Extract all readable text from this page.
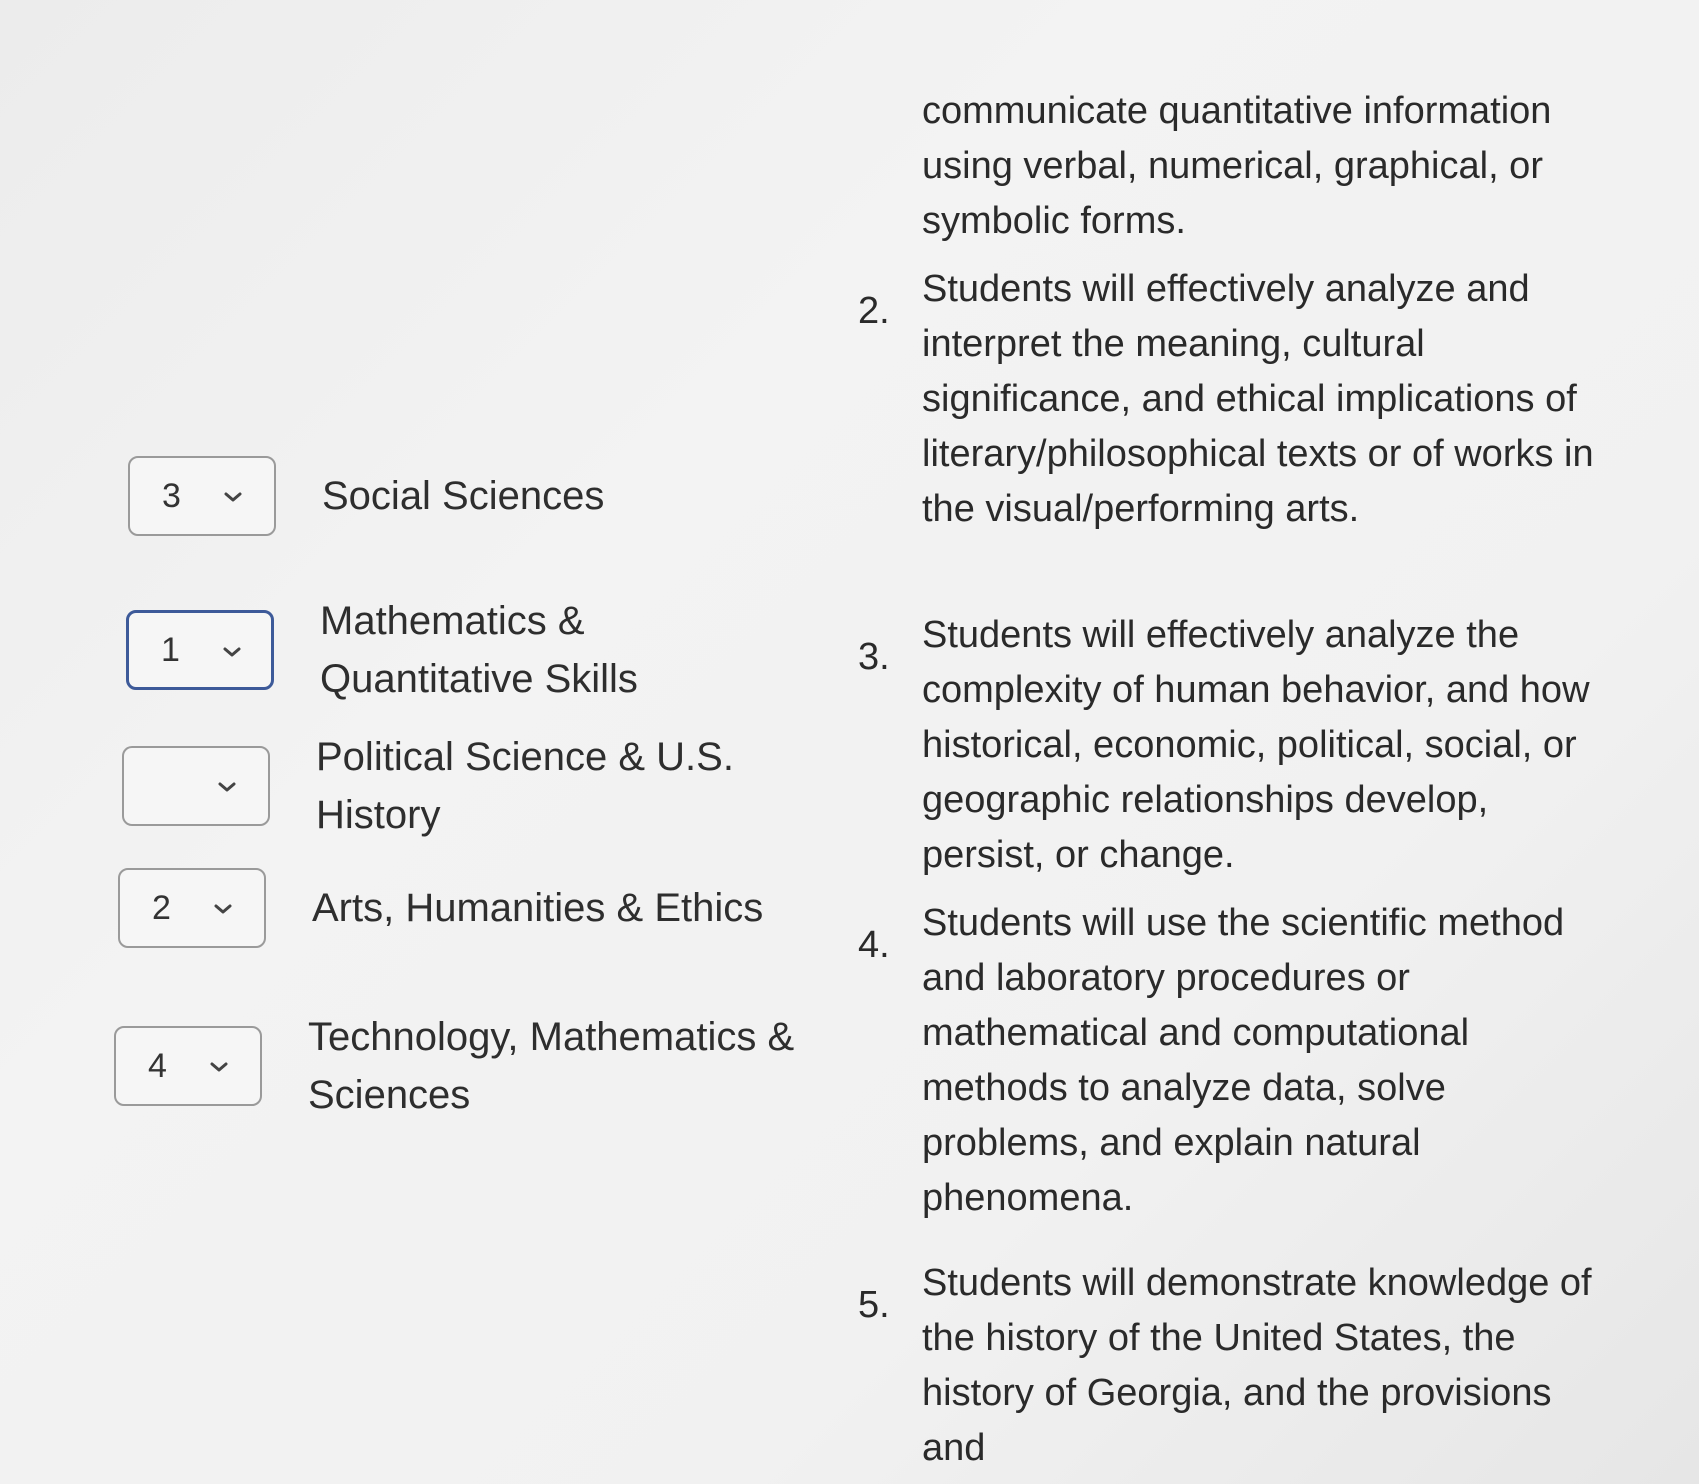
3	Social Sciences
1
Mathematics & Quantitative Skills
Political Science & U.S. History
2	Arts, Humanities & Ethics
4
Technology, Mathematics & Sciences
communicate quantitative information using verbal, numerical, graphical, or symbolic forms.
2.
Students will effectively analyze and interpret the meaning, cultural significance, and ethical implications of literary/philosophical texts or of works in the visual/performing arts.
3.
Students will effectively analyze the complexity of human behavior, and how historical, economic, political, social, or geographic relationships develop, persist, or change.
4.
Students will use the scientific method and laboratory procedures or mathematical and computational methods to analyze data, solve problems, and explain natural phenomena.
5.
Students will demonstrate knowledge of the history of the United States, the history of Georgia, and the provisions and
